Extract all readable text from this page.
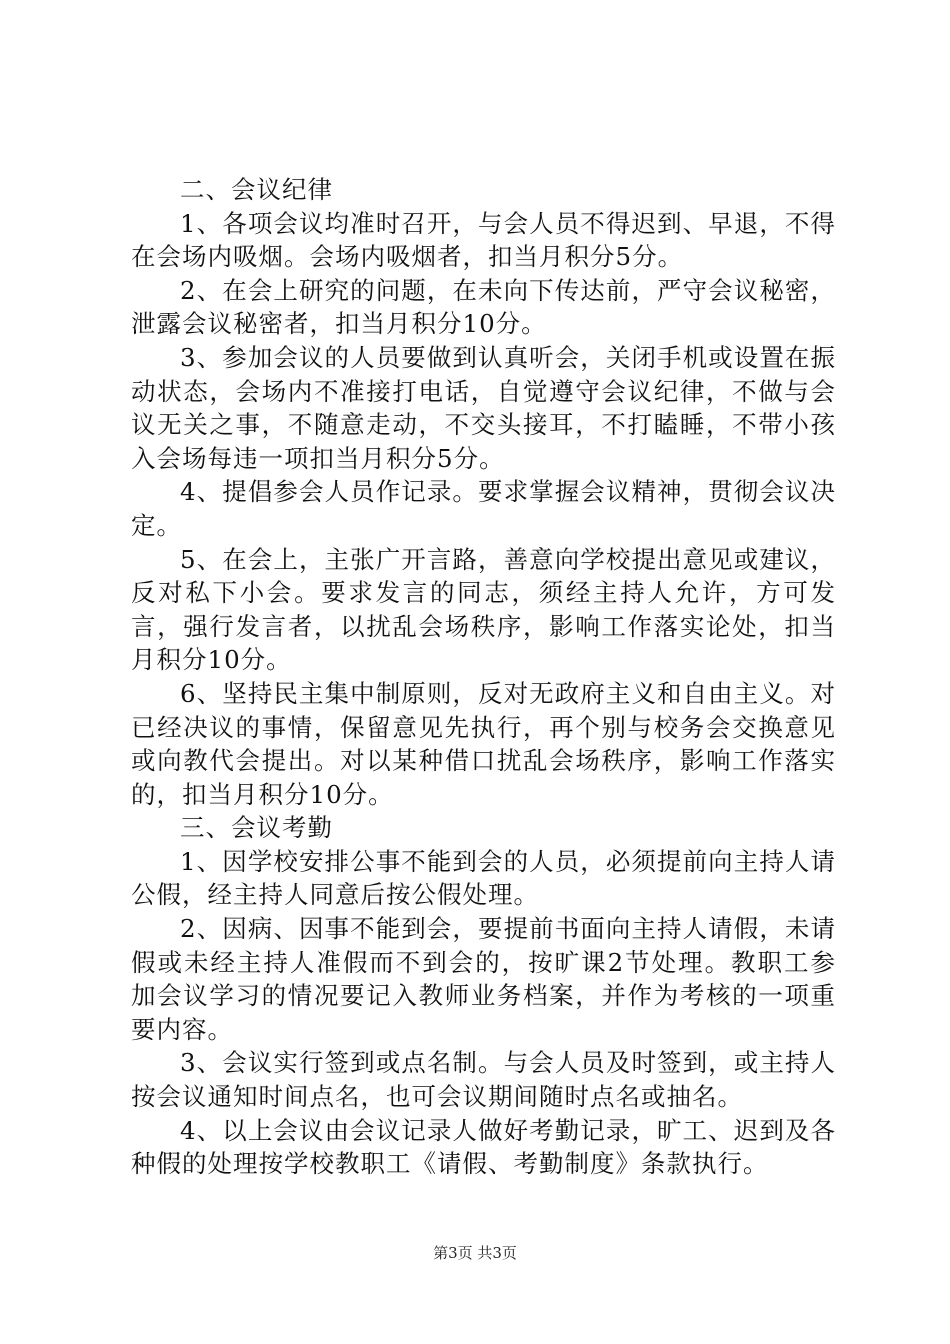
二、会议纪律

1、各项会议均准时召开，与会人员不得迟到、早退，不得在会场内吸烟。会场内吸烟者，扣当月积分5分。

2、在会上研究的问题，在未向下传达前，严守会议秘密，泄露会议秘密者，扣当月积分10分。

3、参加会议的人员要做到认真听会，关闭手机或设置在振动状态，会场内不准接打电话，自觉遵守会议纪律，不做与会议无关之事，不随意走动，不交头接耳，不打瞌睡，不带小孩入会场每违一项扣当月积分5分。

4、提倡参会人员作记录。要求掌握会议精神，贯彻会议决定。

5、在会上，主张广开言路，善意向学校提出意见或建议，反对私下小会。要求发言的同志，须经主持人允许，方可发言，强行发言者，以扰乱会场秩序，影响工作落实论处，扣当月积分10分。

6、坚持民主集中制原则，反对无政府主义和自由主义。对已经决议的事情，保留意见先执行，再个别与校务会交换意见或向教代会提出。对以某种借口扰乱会场秩序，影响工作落实的，扣当月积分10分。

三、会议考勤

1、因学校安排公事不能到会的人员，必须提前向主持人请公假，经主持人同意后按公假处理。

2、因病、因事不能到会，要提前书面向主持人请假，未请假或未经主持人准假而不到会的，按旷课2节处理。教职工参加会议学习的情况要记入教师业务档案，并作为考核的一项重要内容。

3、会议实行签到或点名制。与会人员及时签到，或主持人按会议通知时间点名，也可会议期间随时点名或抽名。

4、以上会议由会议记录人做好考勤记录，旷工、迟到及各种假的处理按学校教职工《请假、考勤制度》条款执行。

第3页 共3页
